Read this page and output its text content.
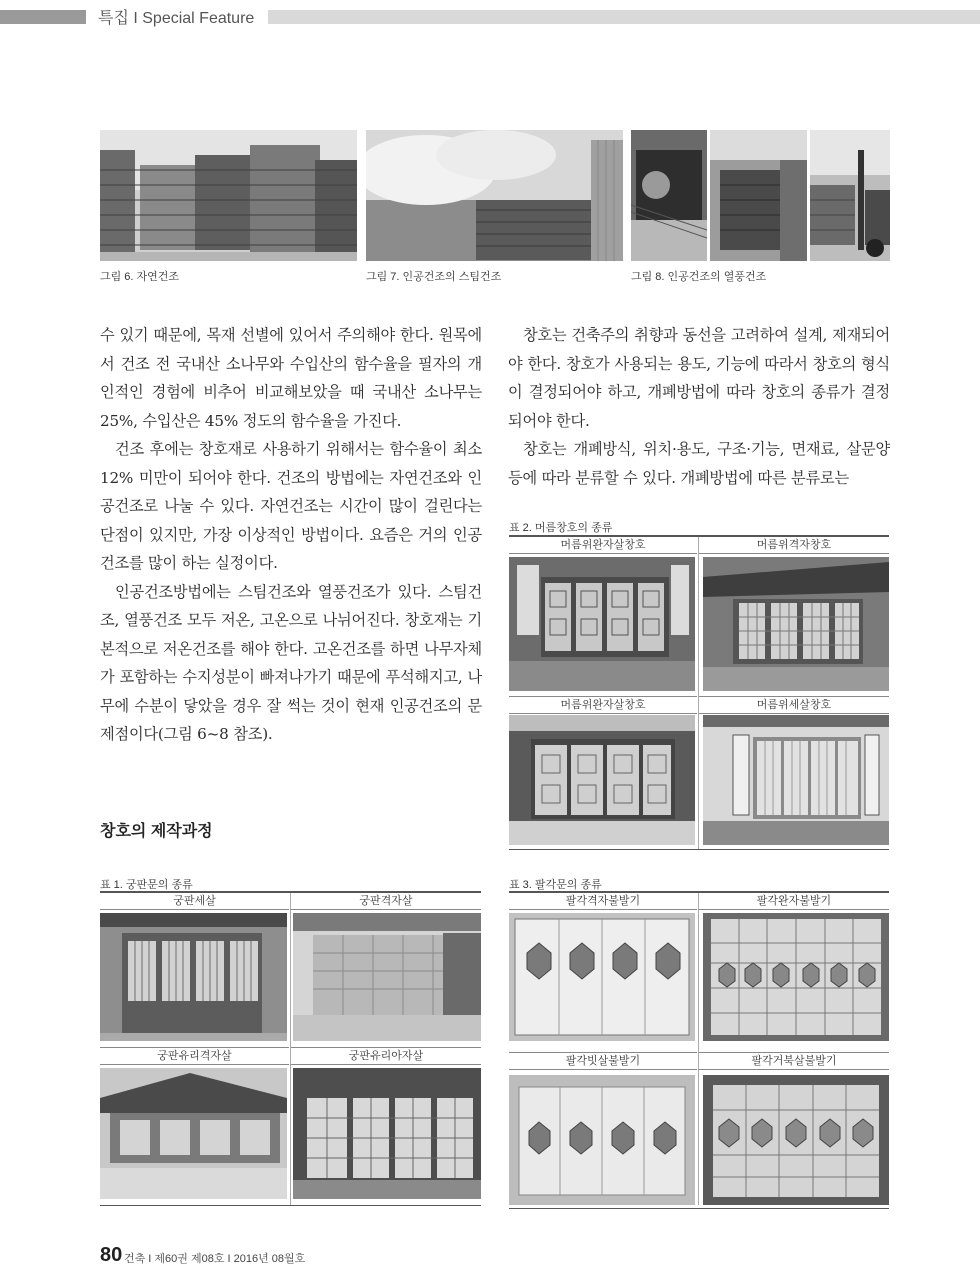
특집 I Special Feature
그림 6. 자연건조	그림 7. 인공건조의 스팀건조	그림 8. 인공건조의 열풍건조

수 있기 때문에, 목재 선별에 있어서 주의해야 한다. 원목에서 건조 전 국내산 소나무와 수입산의 함수율을 필자의 개인적인 경험에 비추어 비교해보았을 때 국내산 소나무는 25%, 수입산은 45% 정도의 함수율을 가진다.

건조 후에는 창호재로 사용하기 위해서는 함수율이 최소 12% 미만이 되어야 한다. 건조의 방법에는 자연건조와 인공건조로 나눌 수 있다. 자연건조는 시간이 많이 걸린다는 단점이 있지만, 가장 이상적인 방법이다. 요즘은 거의 인공건조를 많이 하는 실정이다.

인공건조방법에는 스팀건조와 열풍건조가 있다. 스팀건조, 열풍건조 모두 저온, 고온으로 나뉘어진다. 창호재는 기본적으로 저온건조를 해야 한다. 고온건조를 하면 나무자체가 포함하는 수지성분이 빠져나가기 때문에 푸석해지고, 나무에 수분이 닿았을 경우 잘 썩는 것이 현재 인공건조의 문제점이다(그림 6~8 참조).

창호는 건축주의 취향과 동선을 고려하여 설계, 제재되어야 한다. 창호가 사용되는 용도, 기능에 따라서 창호의 형식이 결정되어야 하고, 개폐방법에 따라 창호의 종류가 결정되어야 한다.

창호는 개폐방식, 위치·용도, 구조·기능, 면재료, 살문양 등에 따라 분류할 수 있다. 개폐방법에 따른 분류로는

창호의 제작과정
표 1. 궁판문의 종류
궁판세살	궁판격자살
궁판유리격자살	궁판유리아자살
표 2. 머름창호의 종류
머름위완자살창호	머름위격자창호
머름위완자살창호	머름위세살창호
표 3. 팔각문의 종류
팔각격자불발기	팔각완자불발기
팔각빗살불발기	팔각거북살불발기
80 건축 I 제60권 제08호 I 2016년 08월호
